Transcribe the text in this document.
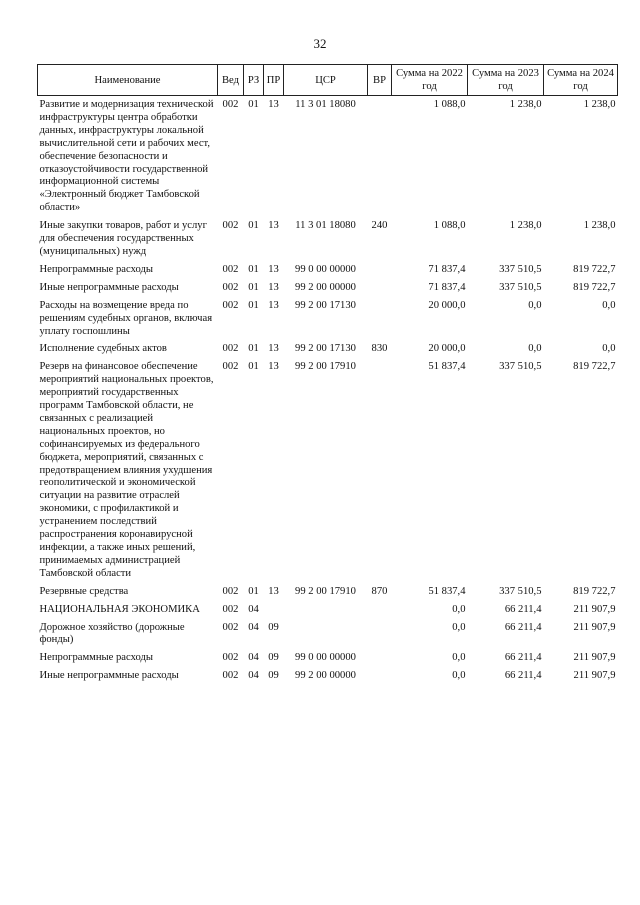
32
Наименование	Вед	РЗ	ПР	ЦСР	ВР	Сумма на 2022 год	Сумма на 2023 год	Сумма на 2024 год
Развитие и модернизация технической инфраструктуры центра обработки данных, инфраструктуры локальной вычислительной сети и рабочих мест, обеспечение безопасности и отказоустойчивости государственной информационной системы «Электронный бюджет Тамбовской области»	002	01	13	11 3 01 18080		1 088,0	1 238,0	1 238,0
Иные закупки товаров, работ и услуг для обеспечения государственных (муниципальных) нужд	002	01	13	11 3 01 18080	240	1 088,0	1 238,0	1 238,0
Непрограммные расходы	002	01	13	99 0 00 00000		71 837,4	337 510,5	819 722,7
Иные непрограммные расходы	002	01	13	99 2 00 00000		71 837,4	337 510,5	819 722,7
Расходы на возмещение вреда по решениям судебных органов, включая уплату госпошлины	002	01	13	99 2 00 17130		20 000,0	0,0	0,0
Исполнение судебных актов	002	01	13	99 2 00 17130	830	20 000,0	0,0	0,0
Резерв на финансовое обеспечение мероприятий национальных проектов, мероприятий государственных программ Тамбовской области, не связанных с реализацией национальных проектов, но софинансируемых из федерального бюджета, мероприятий, связанных с предотвращением влияния ухудшения геополитической и экономической ситуации на развитие отраслей экономики, с профилактикой и устранением последствий распространения коронавирусной инфекции, а также иных решений, принимаемых администрацией Тамбовской области	002	01	13	99 2 00 17910		51 837,4	337 510,5	819 722,7
Резервные средства	002	01	13	99 2 00 17910	870	51 837,4	337 510,5	819 722,7
НАЦИОНАЛЬНАЯ ЭКОНОМИКА	002	04				0,0	66 211,4	211 907,9
Дорожное хозяйство (дорожные фонды)	002	04	09			0,0	66 211,4	211 907,9
Непрограммные расходы	002	04	09	99 0 00 00000		0,0	66 211,4	211 907,9
Иные непрограммные расходы	002	04	09	99 2 00 00000		0,0	66 211,4	211 907,9
